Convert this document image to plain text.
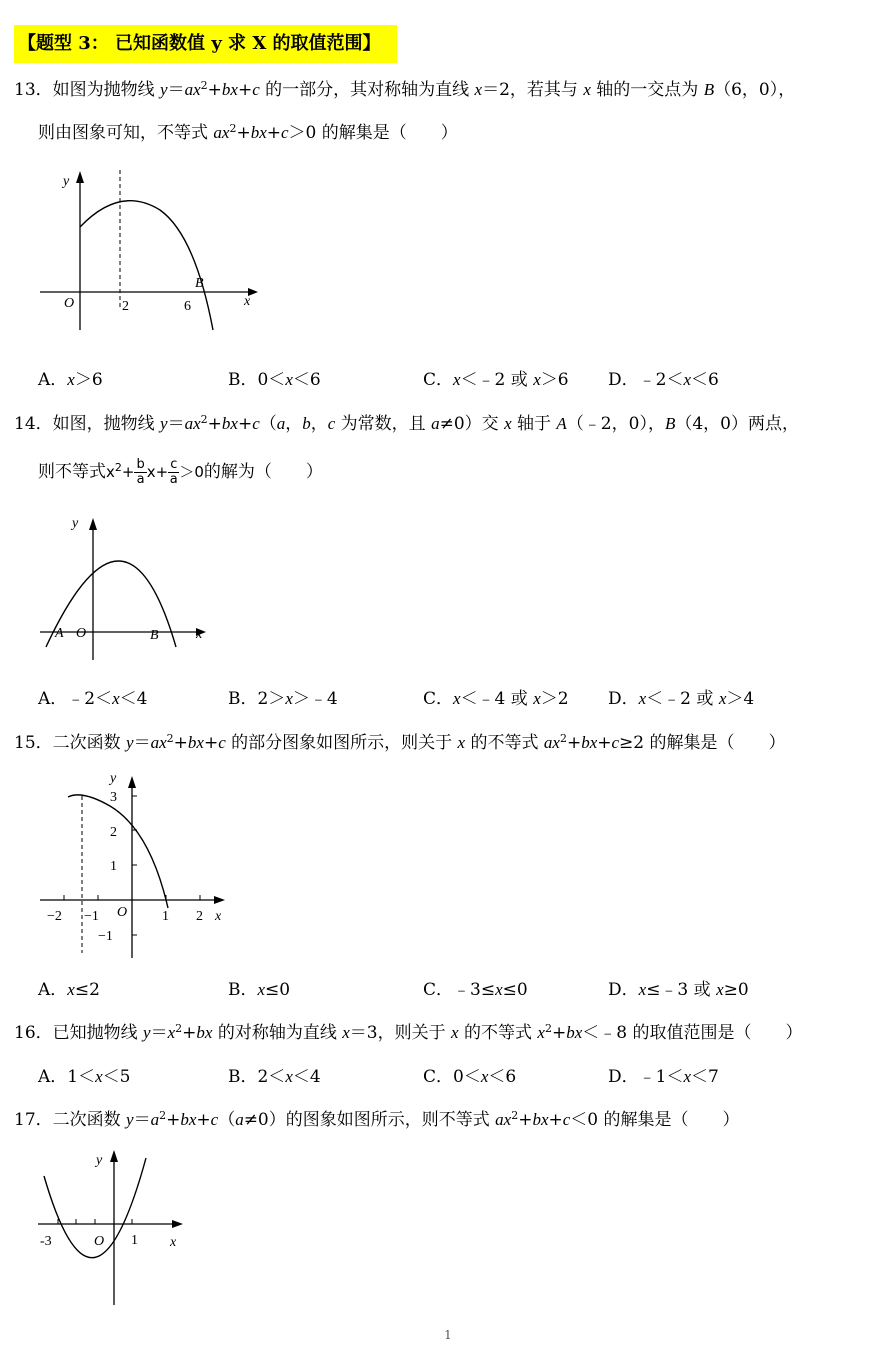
【题型 3： 已知函数值 y 求 X 的取值范围】
13．如图为抛物线 $y=ax^2+bx+c$ 的一部分，其对称轴为直线 x＝2，若其与 x 轴的一交点为 B（6，0），
则由图象可知，不等式 $ax^2+bx+c>0$ 的解集是（　　）
y
x
O	2	6
B
A．x＞6	B．0＜x＜6	C．x＜﹣2 或 x＞6 D．﹣2＜x＜6
14．如图，抛物线 $y=ax^2+bx+c(a$，b，c 为常数，且 a≠0）交 x 轴于 A（﹣2，0），B（4，0）两点，
则不等式$x^2+ \frac{b}{a} x+ \frac{c}{a} >0$的解为（　　）
y
x
O
A	B
A．﹣2＜x＜4	B．2＞x＞﹣4	C．x＜﹣4 或 x＞2 D．x＜﹣2 或 x＞4
15．二次函数 $y=ax^2+bx+c$ 的部分图象如图所示，则关于 x 的不等式 $ax^2+bx+c\ge 2$ 的解集是（　　）
y
x
O
3
2
1
−1
−2 −1	1 2
A．x≤2	B．x≤0	C．﹣3≤x≤0	D．x≤﹣3 或 x≥0
16．已知抛物线 $y=x^2+bx$ 的对称轴为直线 x＝3，则关于 x 的不等式 $x^2+bx<﹣8$ 的取值范围是（　　）
A．1＜x＜5	B．2＜x＜4	C．0＜x＜6	D．﹣1＜x＜7
17．二次函数 $y=a^2+bx+c(a\ne 0)$的图象如图所示，则不等式 $ax^2+bx+c<0$ 的解集是（　　）
y
x
O
-3	1
1
